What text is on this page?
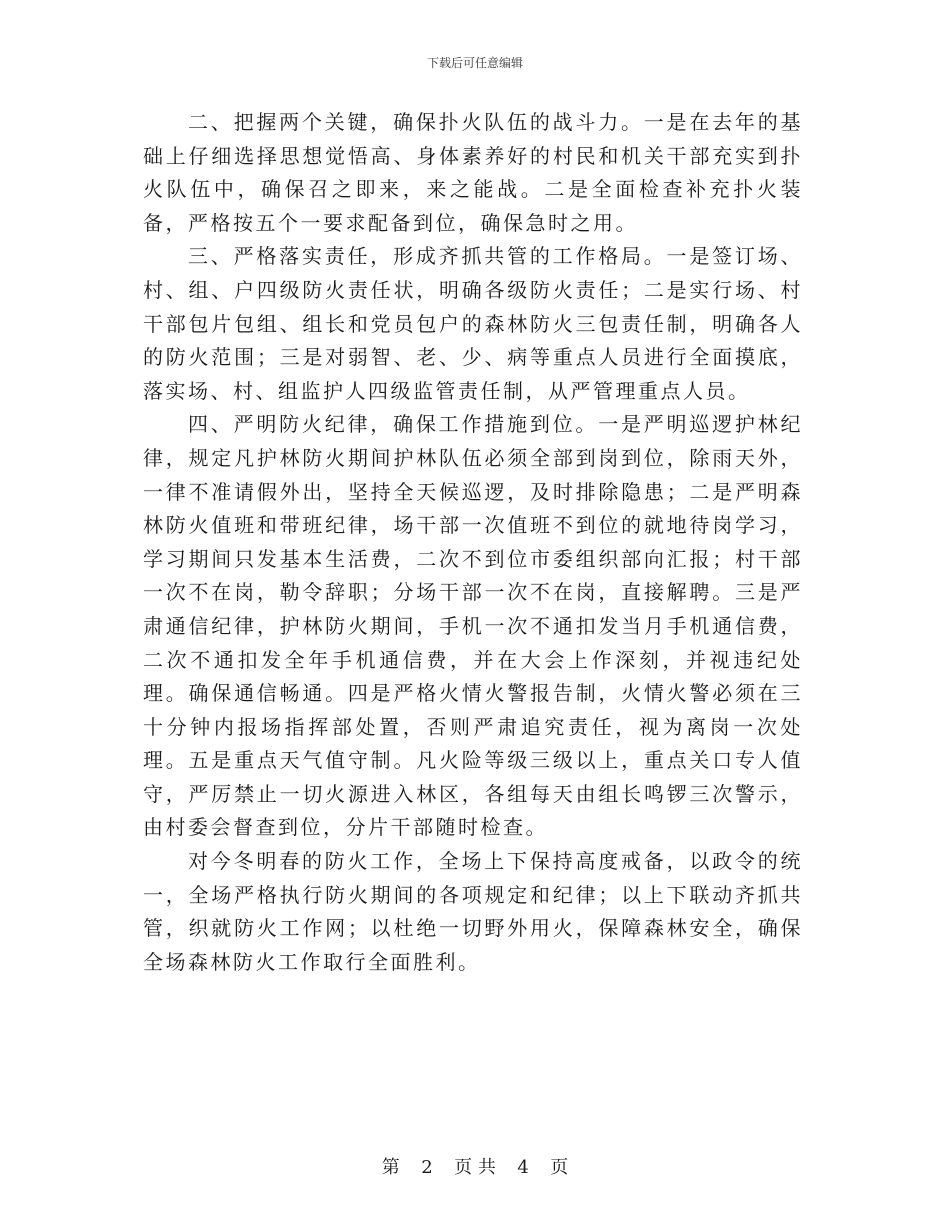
下载后可任意编辑

二、把握两个关键，确保扑火队伍的战斗力。一是在去年的基础上仔细选择思想觉悟高、身体素养好的村民和机关干部充实到扑火队伍中，确保召之即来，来之能战。二是全面检查补充扑火装备，严格按五个一要求配备到位，确保急时之用。

三、严格落实责任，形成齐抓共管的工作格局。一是签订场、村、组、户四级防火责任状，明确各级防火责任；二是实行场、村干部包片包组、组长和党员包户的森林防火三包责任制，明确各人的防火范围；三是对弱智、老、少、病等重点人员进行全面摸底，落实场、村、组监护人四级监管责任制，从严管理重点人员。

四、严明防火纪律，确保工作措施到位。一是严明巡逻护林纪律，规定凡护林防火期间护林队伍必须全部到岗到位，除雨天外，一律不准请假外出，坚持全天候巡逻，及时排除隐患；二是严明森林防火值班和带班纪律，场干部一次值班不到位的就地待岗学习，学习期间只发基本生活费，二次不到位市委组织部向汇报；村干部一次不在岗，勒令辞职；分场干部一次不在岗，直接解聘。三是严肃通信纪律，护林防火期间，手机一次不通扣发当月手机通信费，二次不通扣发全年手机通信费，并在大会上作深刻，并视违纪处理。确保通信畅通。四是严格火情火警报告制，火情火警必须在三十分钟内报场指挥部处置，否则严肃追究责任，视为离岗一次处理。五是重点天气值守制。凡火险等级三级以上，重点关口专人值守，严厉禁止一切火源进入林区，各组每天由组长鸣锣三次警示，由村委会督查到位，分片干部随时检查。

对今冬明春的防火工作，全场上下保持高度戒备，以政令的统一，全场严格执行防火期间的各项规定和纪律；以上下联动齐抓共管，织就防火工作网；以杜绝一切野外用火，保障森林安全，确保全场森林防火工作取行全面胜利。

第 2 页 共 4 页
